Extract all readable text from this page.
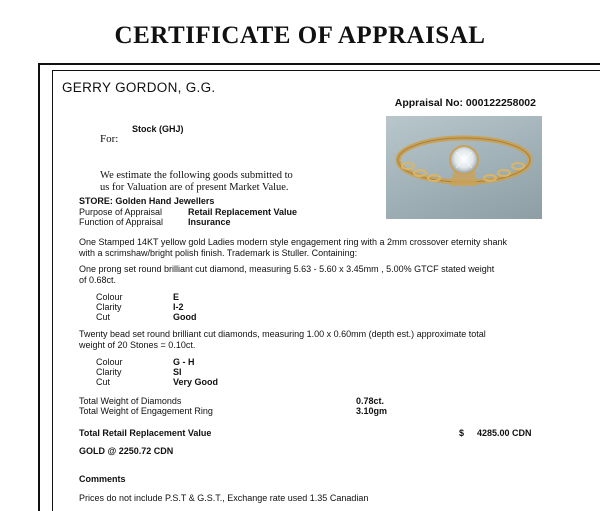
CERTIFICATE OF APPRAISAL
GERRY GORDON, G.G.
Appraisal No: 000122258002
Stock (GHJ)
For:
We estimate the following goods submitted to
us for Valuation are of present Market Value.
STORE: Golden Hand Jewellers
Purpose of Appraisal	Retail Replacement Value
Function of Appraisal	Insurance
One Stamped 14KT yellow gold Ladies modern style engagement ring with a 2mm crossover eternity shank
with a scrimshaw/bright polish finish. Trademark is Stuller. Containing:
One prong set round brilliant cut diamond, measuring 5.63 - 5.60 x 3.45mm , 5.00% GTCF stated weight
of 0.68ct.
Colour	E
Clarity	I-2
Cut	Good
Twenty bead set round brilliant cut diamonds, measuring 1.00 x 0.60mm (depth est.) approximate total
weight of 20 Stones = 0.10ct.
Colour	G - H
Clarity	SI
Cut	Very Good
Total Weight of Diamonds	0.78ct.
Total Weight of Engagement Ring	3.10gm
Total Retail Replacement Value	$ 4285.00 CDN
GOLD @ 2250.72 CDN
Comments
Prices do not include P.S.T & G.S.T., Exchange rate used 1.35 Canadian
